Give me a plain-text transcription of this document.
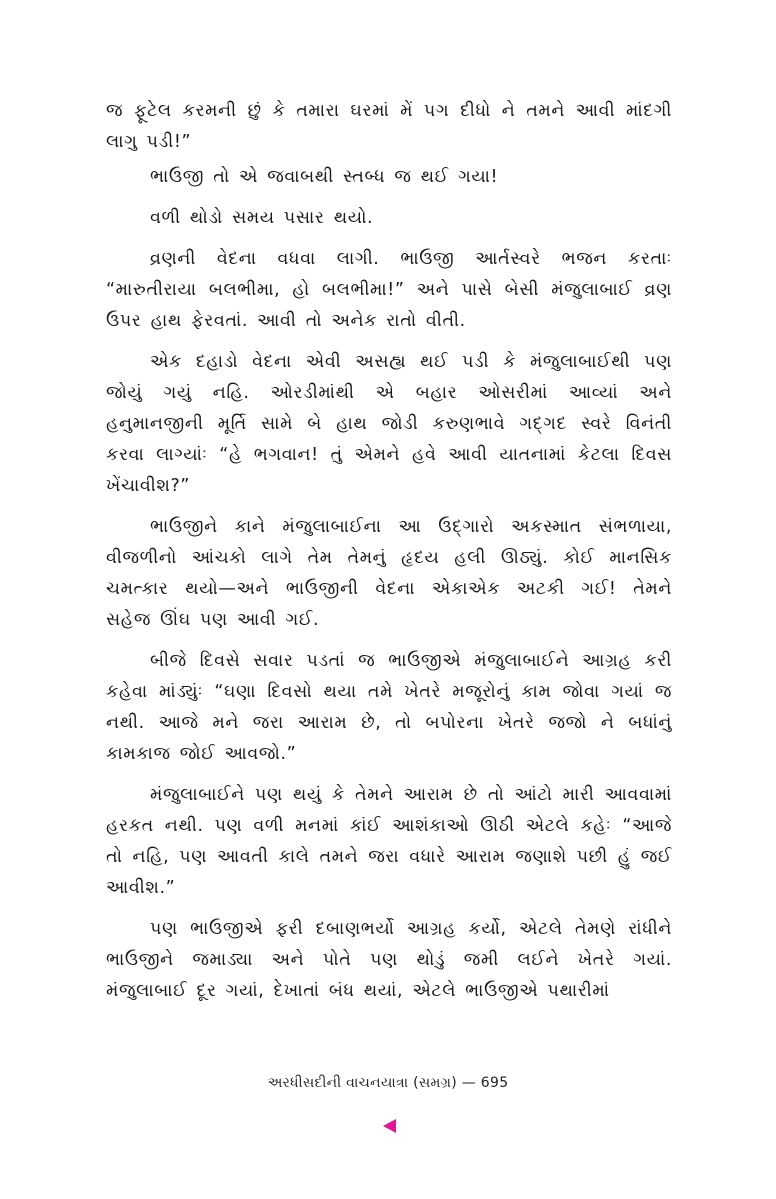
જ ફૂટેલ કરમની છું કે તમારા ઘરમાં મેં પગ દીધો ને તમને આવી માંદગી લાગુ પડી!”

ભાઉજી તો એ જવાબથી સ્તબ્ધ જ થઈ ગયા!

વળી થોડો સમય પસાર થયો.

વ્રણની વેદના વધવા લાગી. ભાઉજી આર્તસ્વરે ભજન કરતાઃ “મારુતીરાયા બલભીમા, હો બલભીમા!” અને પાસે બેસી મંજુલાબાઈ વ્રણ ઉપર હાથ ફેરવતાં. આવી તો અનેક રાતો વીતી.

એક દહાડો વેદના એવી અસહ્ય થઈ પડી કે મંજુલાબાઈથી પણ જોયું ગયું નહિ. ઓરડીમાંથી એ બહાર ઓસરીમાં આવ્યાં અને હનુમાનજીની મૂર્તિ સામે બે હાથ જોડી કરુણભાવે ગદ્ગદ સ્વરે વિનંતી કરવા લાગ્યાંઃ “હે ભગવાન! તું એમને હવે આવી યાતનામાં કેટલા દિવસ ખેંચાવીશ?”

ભાઉજીને કાને મંજુલાબાઈના આ ઉદ્ગારો અકસ્માત સંભળાયા, વીજળીનો આંચકો લાગે તેમ તેમનું હૃદય હલી ઊઠ્યું. કોઈ માનસિક ચમત્કાર થયો—અને ભાઉજીની વેદના એકાએક અટકી ગઈ! તેમને સહેજ ઊંઘ પણ આવી ગઈ.

બીજે દિવસે સવાર પડતાં જ ભાઉજીએ મંજુલાબાઈને આગ્રહ કરી કહેવા માંડ્યુંઃ “ઘણા દિવસો થયા તમે ખેતરે મજૂરોનું કામ જોવા ગયાં જ નથી. આજે મને જરા આરામ છે, તો બપોરના ખેતરે જજો ને બધાંનું કામકાજ જોઈ આવજો.”

મંજુલાબાઈને પણ થયું કે તેમને આરામ છે તો આંટો મારી આવવામાં હરકત નથી. પણ વળી મનમાં કાંઈ આશંકાઓ ઊઠી એટલે કહેઃ “આજે તો નહિ, પણ આવતી કાલે તમને જરા વધારે આરામ જણાશે પછી હું જઈ આવીશ.”

પણ ભાઉજીએ ફરી દબાણભર્યો આગ્રહ કર્યો, એટલે તેમણે રાંધીને ભાઉજીને જમાડ્યા અને પોતે પણ થોડું જમી લઈને ખેતરે ગયાં. મંજુલાબાઈ દૂર ગયાં, દેખાતાં બંધ થયાં, એટલે ભાઉજીએ પથારીમાં

અરધીસદીની વાચનયાત્રા (સમગ્ર) — 695
